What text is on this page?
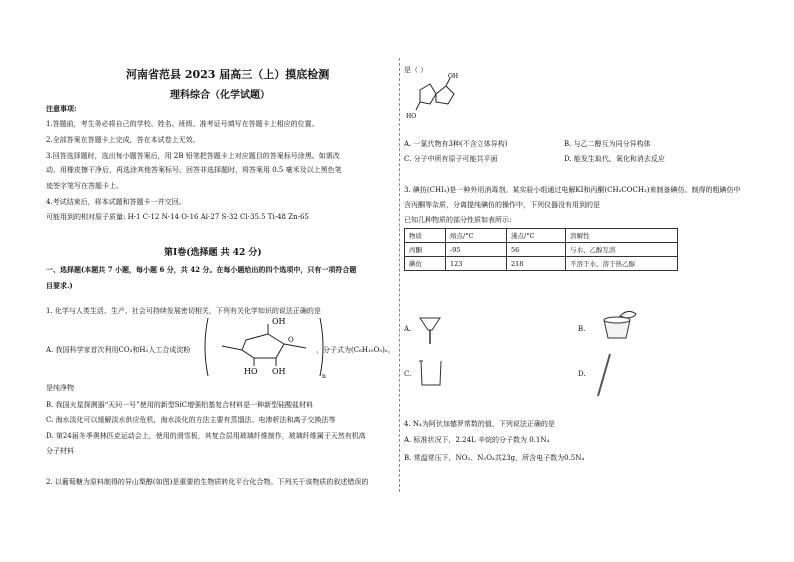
河南省范县 2023 届高三（上）摸底检测
理科综合（化学试题）
注意事项:
1.答题前，考生务必将自己的学校、姓名、班级、准考证号填写在答题卡上相应的位置。
2.全部答案在答题卡上完成，答在本试卷上无效。
3.回答选择题时，选出每小题答案后，用 2B 铅笔把答题卡上对应题目的答案标号涂黑。如需改
动，用橡皮擦干净后，再选涂其他答案标号。回答非选择题时，将答案用 0.5 毫米及以上黑色笔
迹签字笔写在答题卡上。
4.考试结束后，将本试题和答题卡一并交回。
可能用到的相对原子质量: H-1 C-12 N-14 O-16 Al-27 S-32 Cl-35.5 Ti-48 Zn-65
第Ⅰ卷(选择题 共 42 分)
一、选择题(本题共 7 小题，每小题 6 分，共 42 分。在每小题给出的四个选项中，只有一项符合题
目要求.)
1. 化学与人类生活、生产、社会可持续发展密切相关，下列有关化学知识的说法正确的是
A. 我国科学家首次利用CO₂和H₂人工合成淀粉
OH
O
HO OH
n
，分子式为(C₆H₁₀O₅)ₙ，
是纯净物
B. 我国火星探测器“天问一号”使用的新型SiC增强铝基复合材料是一种新型硅酸盐材料
C. 海水淡化可以缓解淡水供应危机，海水淡化的方法主要有蒸馏法、电渗析法和离子交换法等
D. 第24届冬季奥林匹克运动会上，使用的滑雪板，其复合层用玻璃纤维制作，玻璃纤维属于天然有机高
分子材料
2. 以葡萄糖为原料制得的异山梨醇(如图)是重要的生物质转化平台化合物。下列关于该物质的叙述错误的
是（ ）
OH
HO
A. 一氯代物有3种(不含立体异构)	B. 与乙二醇互为同分异构体
C. 分子中所有原子可能共平面	D. 能发生取代、氧化和消去反应
3. 碘仿(CHI₃)是一种外用消毒剂。某实验小组通过电解KI和丙酮(CH₃COCH₃)来制备碘仿。制得的粗碘仿中
含丙酮等杂质，分离提纯碘仿的操作中，下列仪器没有用到的是
已知几种物质的部分性质如表所示:
物质	熔点/°C	沸点/°C	溶解性
丙酮	-95	56	与水、乙醇互溶
碘仿	123	218	不溶于水，溶于热乙醇
A.	B.
C.	D.
4. N₄为阿伏加德罗常数的值，下列说法正确的是
A. 标准状况下，2.24L 辛烷的分子数为 0.1N₄
B. 常温常压下，NO₂、N₂O₄共23g，所含电子数为0.5N₄
